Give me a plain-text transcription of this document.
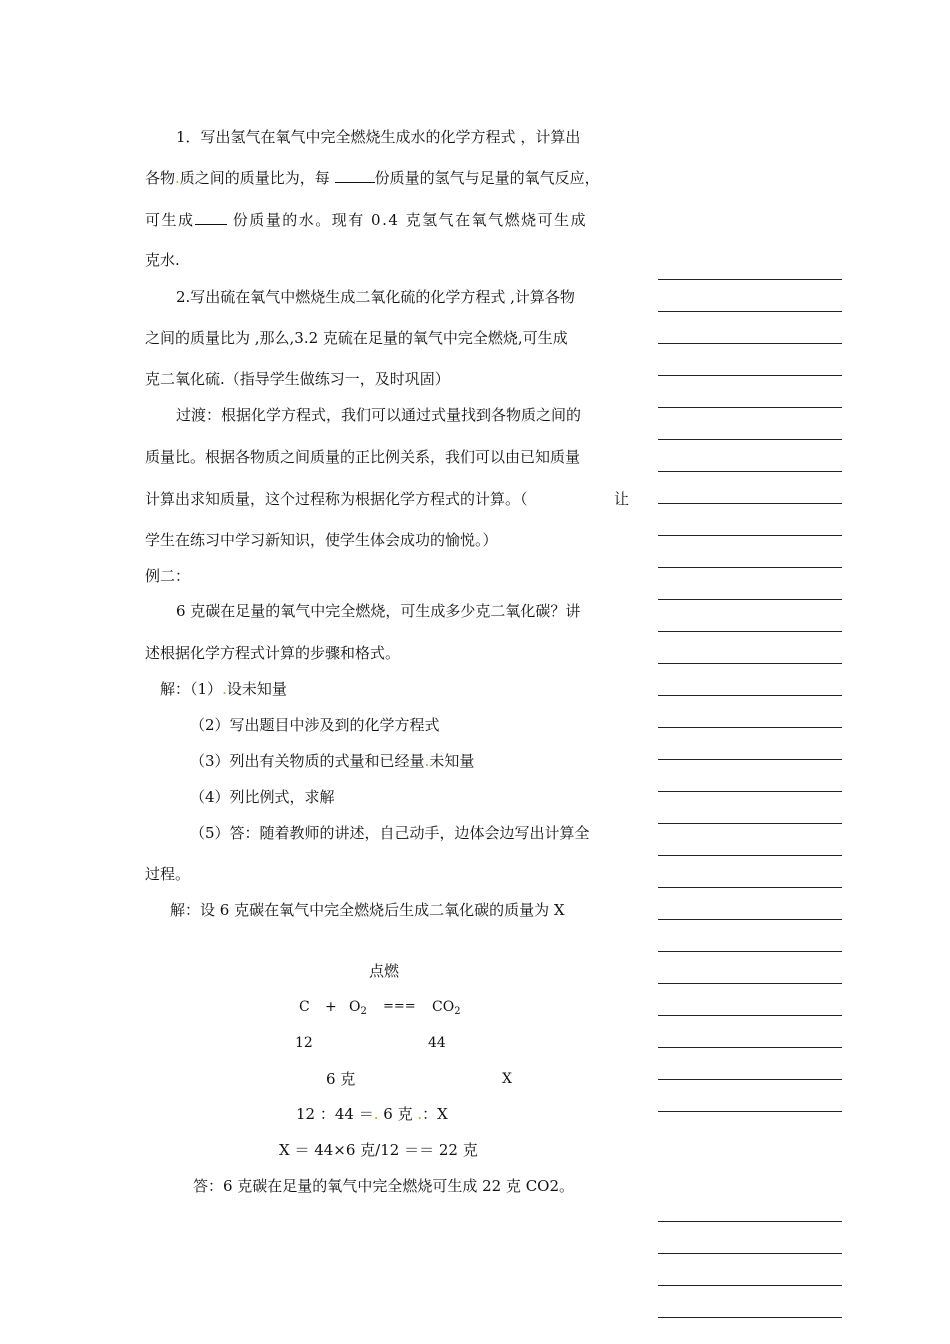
1．写出氢气在氧气中完全燃烧生成水的化学方程式 ，计算出
各物.质之间的质量比为，每	份质量的氢气与足量的氧气反应，
可生成 份质量的水。现有 0.4 克氢气在氧气燃烧可生成
克水.
2.写出硫在氧气中燃烧生成二氧化硫的化学方程式 ,计算各物
之间的质量比为 ,那么,3.2 克硫在足量的氧气中完全燃烧,可生成
克二氧化硫.（指导学生做练习一，及时巩固）
过渡：根据化学方程式，我们可以通过式量找到各物质之间的
质量比。根据各物质之间质量的正比例关系，我们可以由已知质量
计算出求知质量，这个过程称为根据化学方程式的计算。（	让
学生在练习中学习新知识，使学生体会成功的愉悦。）
例二：
6 克碳在足量的氧气中完全燃烧，可生成多少克二氧化碳？讲
述根据化学方程式计算的步骤和格式。
解：（1）.设未知量
（2）写出题目中涉及到的化学方程式
（3）列出有关物质的式量和已经量.未知量
（4）列比例式，求解
（5）答：随着教师的讲述，自己动手，边体会边写出计算全
过程。
解：设 6 克碳在氧气中完全燃烧后生成二氧化碳的质量为 X
点燃
$C + O_2$ === $CO_2$
12	44
6 克	X
12 ：44 ＝. 6 克 .：X
X ＝ 44×6 克/12 ＝＝ 22 克
答：6 克碳在足量的氧气中完全燃烧可生成 22 克 CO2。
